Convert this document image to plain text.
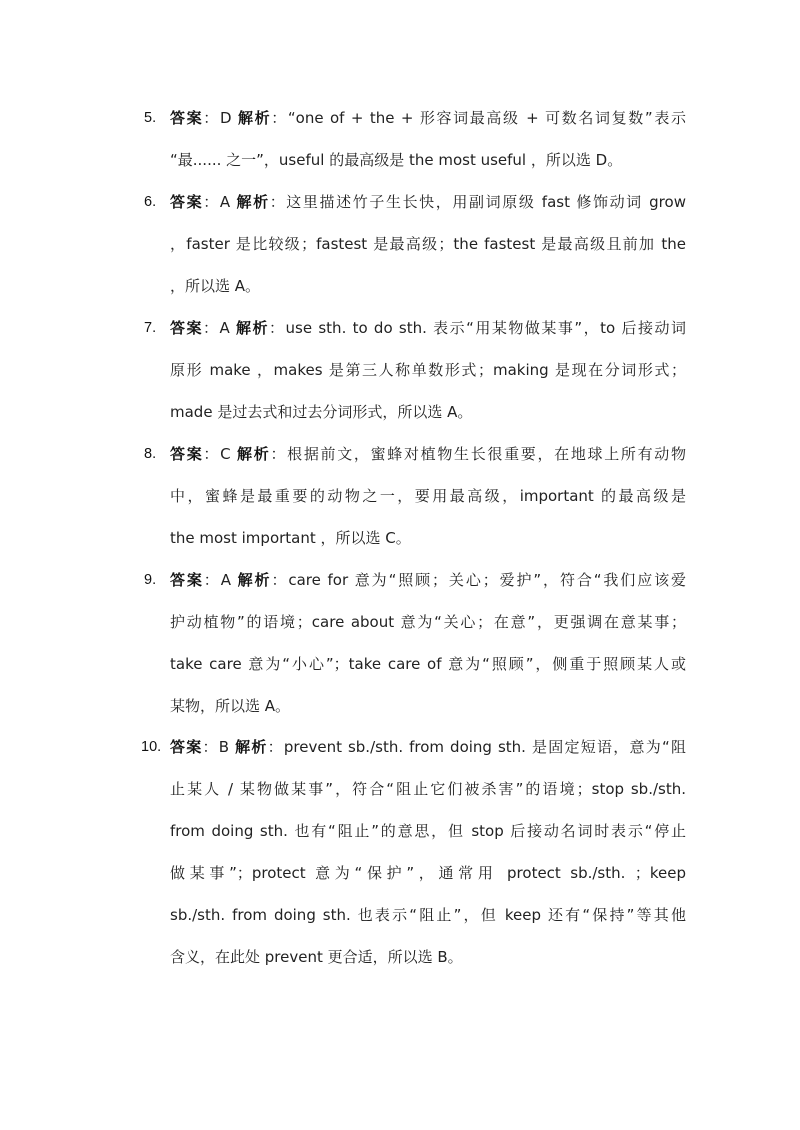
5. 答案：D 解析：“one of + the + 形容词最高级 + 可数名词复数”表示
“最...... 之一”，useful 的最高级是 the most useful ，所以选 D。
6. 答案：A 解析：这里描述竹子生长快，用副词原级 fast 修饰动词 grow
，faster 是比较级；fastest 是最高级；the fastest 是最高级且前加 the
，所以选 A。
7. 答案：A 解析：use sth. to do sth. 表示“用某物做某事”，to 后接动词
原形 make ，makes 是第三人称单数形式；making 是现在分词形式；
made 是过去式和过去分词形式，所以选 A。
8. 答案：C 解析：根据前文，蜜蜂对植物生长很重要，在地球上所有动物
中，蜜蜂是最重要的动物之一，要用最高级，important 的最高级是
the most important ，所以选 C。
9. 答案：A 解析：care for 意为“照顾；关心；爱护”，符合“我们应该爱
护动植物”的语境；care about 意为“关心；在意”，更强调在意某事；
take care 意为“小心”；take care of 意为“照顾”，侧重于照顾某人或
某物，所以选 A。
10. 答案：B 解析：prevent sb./sth. from doing sth. 是固定短语，意为“阻
止某人 / 某物做某事”，符合“阻止它们被杀害”的语境；stop sb./sth.
from doing sth. 也有“阻止”的意思，但 stop 后接动名词时表示“停止
做某事”；protect 意为“保护”，通常用 protect sb./sth. ；keep
sb./sth. from doing sth. 也表示“阻止”，但 keep 还有“保持”等其他
含义，在此处 prevent 更合适，所以选 B。
